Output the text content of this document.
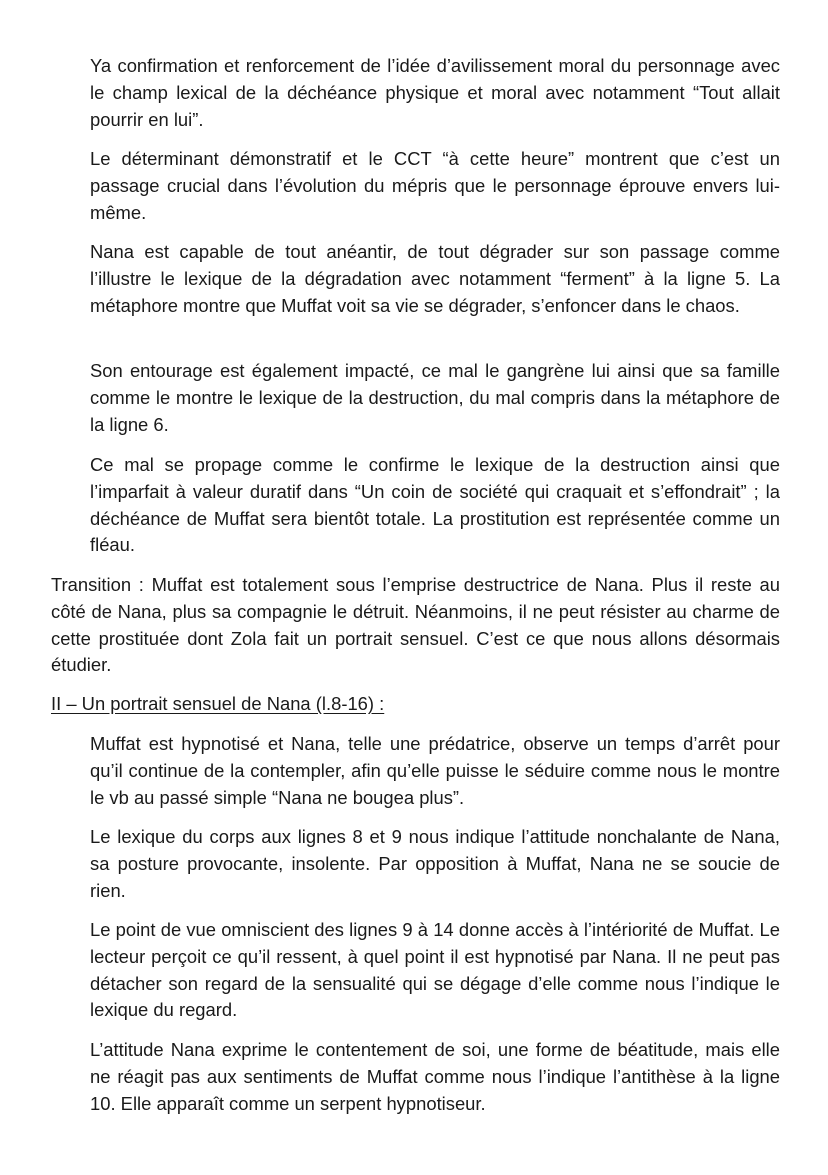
Ya confirmation et renforcement de l’idée d’avilissement moral du personnage avec le champ lexical de la déchéance physique et moral avec notamment “Tout allait pourrir en lui”.

Le déterminant démonstratif et le CCT “à cette heure” montrent que c’est un passage crucial dans l’évolution du mépris que le personnage éprouve envers lui-même.

Nana est capable de tout anéantir, de tout dégrader sur son passage comme l’illustre le lexique de la dégradation avec notamment “ferment” à la ligne 5. La métaphore montre que Muffat voit sa vie se dégrader, s’enfoncer dans le chaos.

Son entourage est également impacté, ce mal le gangrène lui ainsi que sa famille comme le montre le lexique de la destruction, du mal compris dans la métaphore de la ligne 6.

Ce mal se propage comme le confirme le lexique de la destruction ainsi que l’imparfait à valeur duratif dans “Un coin de société qui craquait et s’effondrait” ; la déchéance de Muffat sera bientôt totale. La prostitution est représentée comme un fléau.

Transition : Muffat est totalement sous l’emprise destructrice de Nana. Plus il reste au côté de Nana, plus sa compagnie le détruit. Néanmoins, il ne peut résister au charme de cette prostituée dont Zola fait un portrait sensuel. C’est ce que nous allons désormais étudier.

II – Un portrait sensuel de Nana (l.8-16) :

Muffat est hypnotisé et Nana, telle une prédatrice, observe un temps d’arrêt pour qu’il continue de la contempler, afin qu’elle puisse le séduire comme nous le montre le vb au passé simple “Nana ne bougea plus”.

Le lexique du corps aux lignes 8 et 9 nous indique l’attitude nonchalante de Nana, sa posture provocante, insolente. Par opposition à Muffat, Nana ne se soucie de rien.

Le point de vue omniscient des lignes 9 à 14 donne accès à l’intériorité de Muffat. Le lecteur perçoit ce qu’il ressent, à quel point il est hypnotisé par Nana. Il ne peut pas détacher son regard de la sensualité qui se dégage d’elle comme nous l’indique le lexique du regard.

L’attitude Nana exprime le contentement de soi, une forme de béatitude, mais elle ne réagit pas aux sentiments de Muffat comme nous l’indique l’antithèse à la ligne 10. Elle apparaît comme un serpent hypnotiseur.
